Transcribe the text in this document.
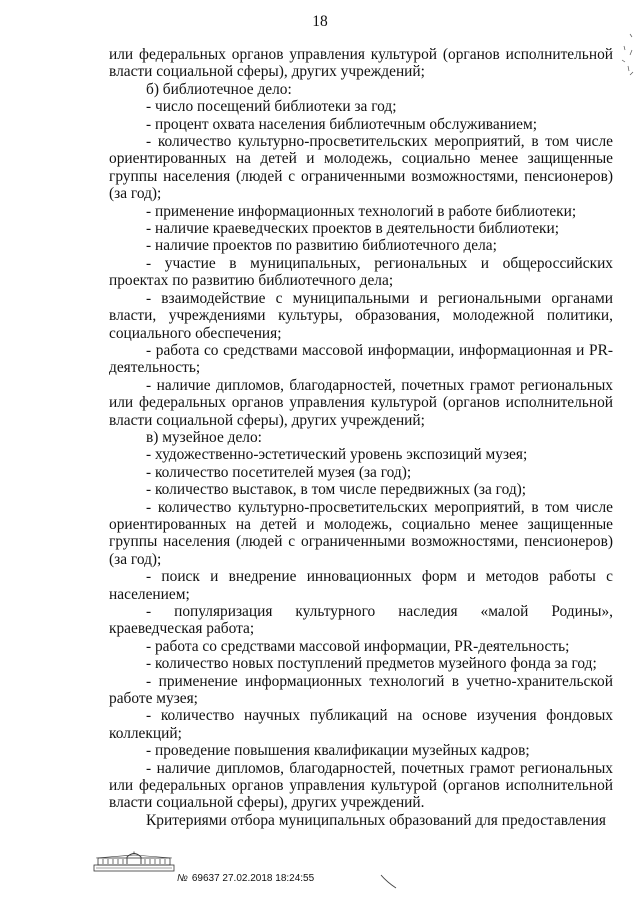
18

или федеральных органов управления культурой (органов исполнительной власти социальной сферы), других учреждений;

б) библиотечное дело:

- число посещений библиотеки за год;

- процент охвата населения библиотечным обслуживанием;

- количество культурно-просветительских мероприятий, в том числе ориентированных на детей и молодежь, социально менее защищенные группы населения (людей с ограниченными возможностями, пенсионеров) (за год);

- применение информационных технологий в работе библиотеки;

- наличие краеведческих проектов в деятельности библиотеки;

- наличие проектов по развитию библиотечного дела;

- участие в муниципальных, региональных и общероссийских проектах по развитию библиотечного дела;

- взаимодействие с муниципальными и региональными органами власти, учреждениями культуры, образования, молодежной политики, социального обеспечения;

- работа со средствами массовой информации, информационная и PR-деятельность;

- наличие дипломов, благодарностей, почетных грамот региональных или федеральных органов управления культурой (органов исполнительной власти социальной сферы), других учреждений;

в) музейное дело:

- художественно-эстетический уровень экспозиций музея;

- количество посетителей музея (за год);

- количество выставок, в том числе передвижных (за год);

- количество культурно-просветительских мероприятий, в том числе ориентированных на детей и молодежь, социально менее защищенные группы населения (людей с ограниченными возможностями, пенсионеров) (за год);

- поиск и внедрение инновационных форм и методов работы с населением;

- популяризация культурного наследия «малой Родины», краеведческая работа;

- работа со средствами массовой информации, PR-деятельность;

- количество новых поступлений предметов музейного фонда за год;

- применение информационных технологий в учетно-хранительской работе музея;

- количество научных публикаций на основе изучения фондовых коллекций;

- проведение повышения квалификации музейных кадров;

- наличие дипломов, благодарностей, почетных грамот региональных или федеральных органов управления культурой (органов исполнительной власти социальной сферы), других учреждений.

Критериями отбора муниципальных образований для предоставления

№ 69637 27.02.2018 18:24:55
